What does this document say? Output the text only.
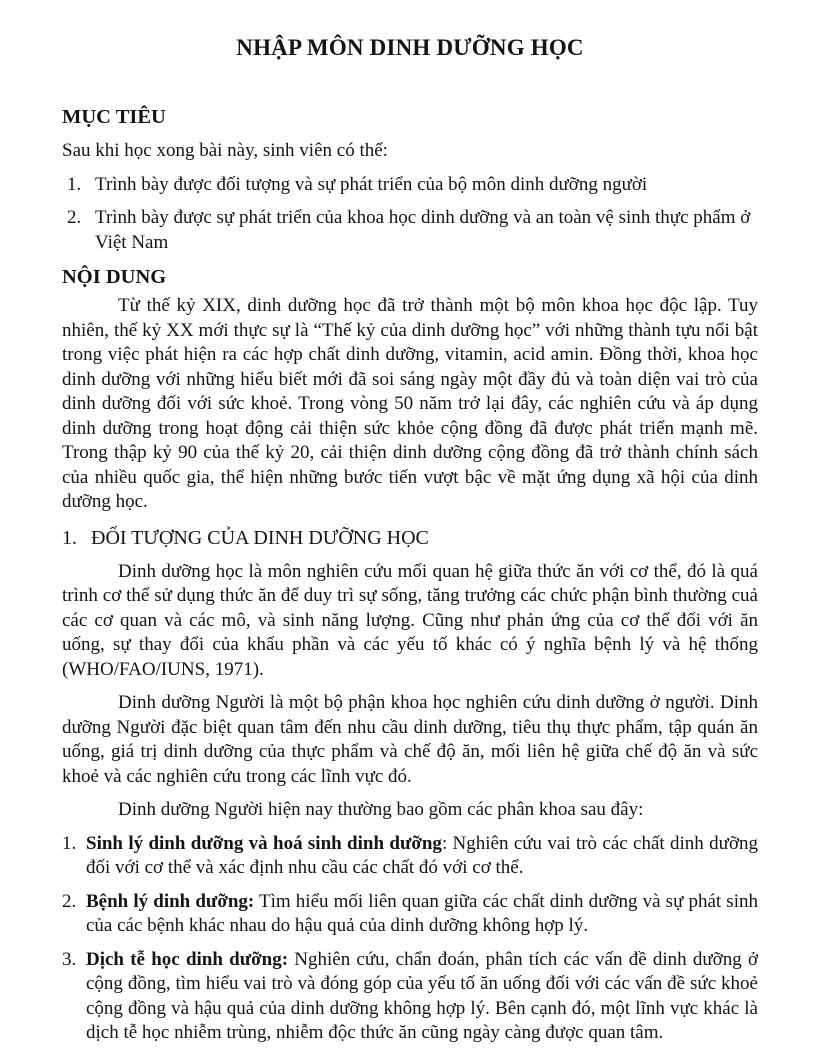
NHẬP MÔN DINH DƯỠNG HỌC
MỤC TIÊU
Sau khi học xong bài này, sinh viên có thể:
1. Trình bày được đối tượng và sự phát triển của bộ môn dinh dưỡng người
2. Trình bày được sự phát triển của khoa học dinh dưỡng và an toàn vệ sinh thực phẩm ở Việt Nam
NỘI DUNG

Từ thế kỷ XIX, dinh dưỡng học đã trở thành một bộ môn khoa học độc lập. Tuy nhiên, thế kỷ XX mới thực sự là “Thế kỷ của dinh dưỡng học” với những thành tựu nổi bật trong việc phát hiện ra các hợp chất dinh dưỡng, vitamin, acid amin. Đồng thời, khoa học dinh dưỡng với những hiểu biết mới đã soi sáng ngày một đầy đủ và toàn diện vai trò của dinh dưỡng đối với sức khoẻ. Trong vòng 50 năm trở lại đây, các nghiên cứu và áp dụng dinh dưỡng trong hoạt động cải thiện sức khỏe cộng đồng đã được phát triển mạnh mẽ. Trong thập kỷ 90 của thế kỷ 20, cải thiện dinh dưỡng cộng đồng đã trở thành chính sách của nhiều quốc gia, thể hiện những bước tiến vượt bậc về mặt ứng dụng xã hội của dinh dưỡng học.

1. ĐỐI TƯỢNG CỦA DINH DƯỠNG HỌC

Dinh dưỡng học là môn nghiên cứu mối quan hệ giữa thức ăn với cơ thể, đó là quá trình cơ thể sử dụng thức ăn để duy trì sự sống, tăng trưởng các chức phận bình thường cuả các cơ quan và các mô, và sinh năng lượng. Cũng như phản ứng của cơ thể đối với ăn uống, sự thay đổi của khẩu phần và các yếu tố khác có ý nghĩa bệnh lý và hệ thống (WHO/FAO/IUNS, 1971).

Dinh dưỡng Người là một bộ phận khoa học nghiên cứu dinh dưỡng ở người. Dinh dưỡng Người đặc biệt quan tâm đến nhu cầu dinh dưỡng, tiêu thụ thực phẩm, tập quán ăn uống, giá trị dinh dưỡng của thực phẩm và chế độ ăn, mối liên hệ giữa chế độ ăn và sức khoẻ và các nghiên cứu trong các lĩnh vực đó.

Dinh dưỡng Người hiện nay thường bao gồm các phân khoa sau đây:

1. Sinh lý dinh dưỡng và hoá sinh dinh dưỡng: Nghiên cứu vai trò các chất dinh dưỡng đối với cơ thể và xác định nhu cầu các chất đó với cơ thể.
2. Bệnh lý dinh dưỡng: Tìm hiểu mối liên quan giữa các chất dinh dưỡng và sự phát sinh của các bệnh khác nhau do hậu quả của dinh dưỡng không hợp lý.
3. Dịch tễ học dinh dưỡng: Nghiên cứu, chẩn đoán, phân tích các vấn đề dinh dưỡng ở cộng đồng, tìm hiểu vai trò và đóng góp của yếu tố ăn uống đối với các vấn đề sức khoẻ cộng đồng và hậu quả của dinh dưỡng không hợp lý. Bên cạnh đó, một lĩnh vực khác là dịch tễ học nhiễm trùng, nhiễm độc thức ăn cũng ngày càng được quan tâm.
